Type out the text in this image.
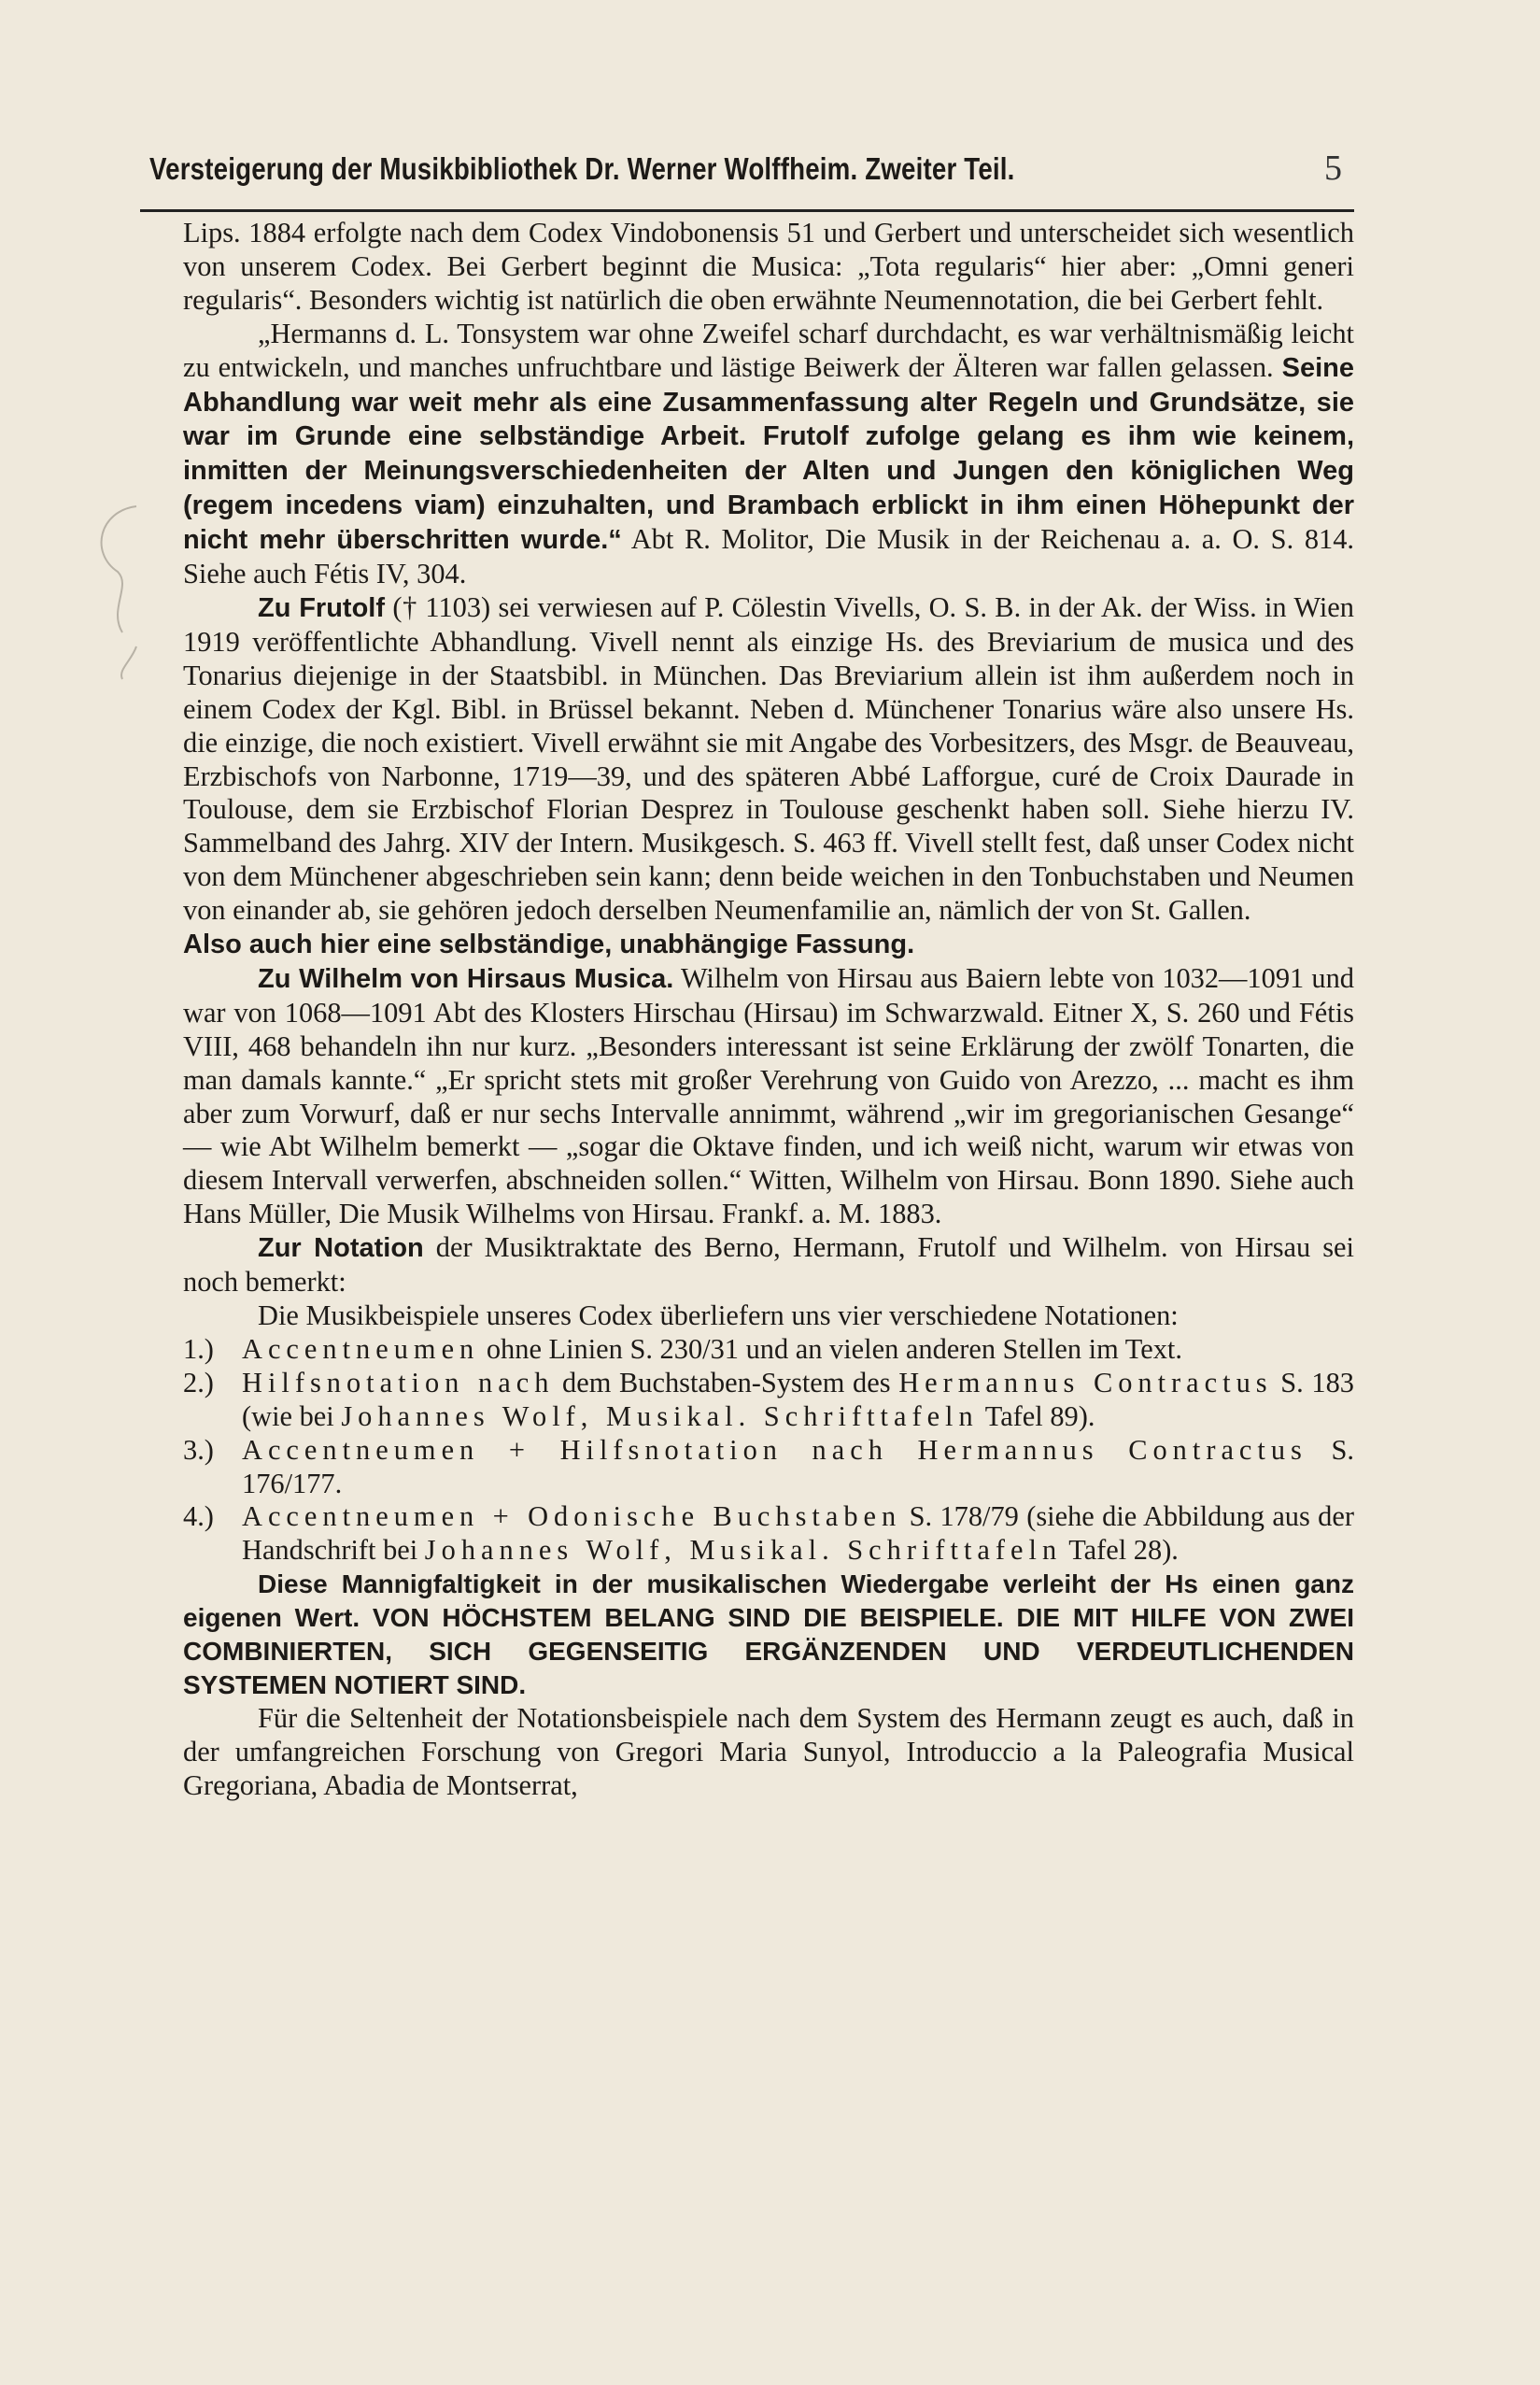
Versteigerung der Musikbibliothek Dr. Werner Wolffheim. Zweiter Teil.	5

Lips. 1884 erfolgte nach dem Codex Vindobonensis 51 und Gerbert und unterscheidet sich wesentlich von unserem Codex. Bei Gerbert beginnt die Musica: „Tota regularis“ hier aber: „Omni generi regularis“. Besonders wichtig ist natürlich die oben erwähnte Neumennotation, die bei Gerbert fehlt.

„Hermanns d. L. Tonsystem war ohne Zweifel scharf durchdacht, es war verhältnismäßig leicht zu entwickeln, und manches unfruchtbare und lästige Beiwerk der Älteren war fallen gelassen. Seine Abhandlung war weit mehr als eine Zusammenfassung alter Regeln und Grundsätze, sie war im Grunde eine selbständige Arbeit. Frutolf zufolge gelang es ihm wie keinem, inmitten der Meinungsverschiedenheiten der Alten und Jungen den königlichen Weg (regem incedens viam) einzuhalten, und Brambach erblickt in ihm einen Höhepunkt der nicht mehr überschritten wurde.“ Abt R. Molitor, Die Musik in der Reichenau a. a. O. S. 814. Siehe auch Fétis IV, 304.

Zu Frutolf († 1103) sei verwiesen auf P. Cölestin Vivells, O. S. B. in der Ak. der Wiss. in Wien 1919 veröffentlichte Abhandlung. Vivell nennt als einzige Hs. des Breviarium de musica und des Tonarius diejenige in der Staatsbibl. in München. Das Breviarium allein ist ihm außerdem noch in einem Codex der Kgl. Bibl. in Brüssel bekannt. Neben d. Münchener Tonarius wäre also unsere Hs. die einzige, die noch existiert. Vivell erwähnt sie mit Angabe des Vorbesitzers, des Msgr. de Beauveau, Erzbischofs von Narbonne, 1719—39, und des späteren Abbé Lafforgue, curé de Croix Daurade in Toulouse, dem sie Erzbischof Florian Desprez in Toulouse geschenkt haben soll. Siehe hierzu IV. Sammelband des Jahrg. XIV der Intern. Musikgesch. S. 463 ff. Vivell stellt fest, daß unser Codex nicht von dem Münchener abgeschrieben sein kann; denn beide weichen in den Tonbuchstaben und Neumen von einander ab, sie gehören jedoch derselben Neumenfamilie an, nämlich der von St. Gallen.

Also auch hier eine selbständige, unabhängige Fassung.

Zu Wilhelm von Hirsaus Musica. Wilhelm von Hirsau aus Baiern lebte von 1032—1091 und war von 1068—1091 Abt des Klosters Hirschau (Hirsau) im Schwarzwald. Eitner X, S. 260 und Fétis VIII, 468 behandeln ihn nur kurz. „Besonders interessant ist seine Erklärung der zwölf Tonarten, die man damals kannte.“ „Er spricht stets mit großer Verehrung von Guido von Arezzo, ... macht es ihm aber zum Vorwurf, daß er nur sechs Intervalle annimmt, während „wir im gregorianischen Gesange“ — wie Abt Wilhelm bemerkt — „sogar die Oktave finden, und ich weiß nicht, warum wir etwas von diesem Intervall verwerfen, abschneiden sollen.“ Witten, Wilhelm von Hirsau. Bonn 1890. Siehe auch Hans Müller, Die Musik Wilhelms von Hirsau. Frankf. a. M. 1883.

Zur Notation der Musiktraktate des Berno, Hermann, Frutolf und Wilhelm. von Hirsau sei noch bemerkt:

Die Musikbeispiele unseres Codex überliefern uns vier verschiedene Notationen:

1.) Accentneumen ohne Linien S. 230/31 und an vielen anderen Stellen im Text.
2.) Hilfsnotation nach dem Buchstaben-System des Hermannus Contractus S. 183 (wie bei Johannes Wolf, Musikal. Schrifttafeln Tafel 89).
3.) Accentneumen + Hilfsnotation nach Hermannus Contractus S. 176/177.
4.) Accentneumen + Odonische Buchstaben S. 178/79 (siehe die Abbildung aus der Handschrift bei Johannes Wolf, Musikal. Schrifttafeln Tafel 28).

Diese Mannigfaltigkeit in der musikalischen Wiedergabe verleiht der Hs einen ganz eigenen Wert. VON HÖCHSTEM BELANG SIND DIE BEISPIELE. DIE MIT HILFE VON ZWEI COMBINIERTEN, SICH GEGENSEITIG ERGÄNZENDEN UND VERDEUTLICHENDEN SYSTEMEN NOTIERT SIND.

Für die Seltenheit der Notationsbeispiele nach dem System des Hermann zeugt es auch, daß in der umfangreichen Forschung von Gregori Maria Sunyol, Introduccio a la Paleografia Musical Gregoriana, Abadia de Montserrat,
